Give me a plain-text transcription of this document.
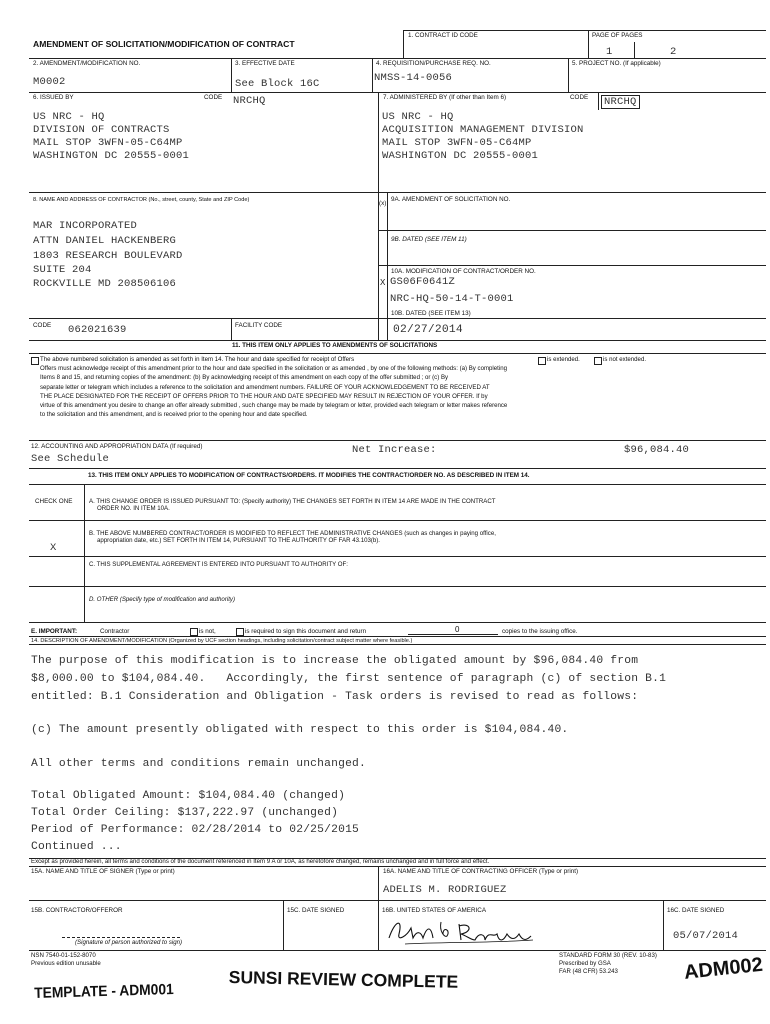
AMENDMENT OF SOLICITATION/MODIFICATION OF CONTRACT
1. CONTRACT ID CODE	PAGE OF PAGES
1	2
2. AMENDMENT/MODIFICATION NO.
M0002
3. EFFECTIVE DATE
See Block 16C
4. REQUISITION/PURCHASE REQ. NO.
NMSS-14-0056
5. PROJECT NO. (If applicable)
6. ISSUED BY	CODE NRCHQ
US NRC - HQ
DIVISION OF CONTRACTS
MAIL STOP 3WFN-05-C64MP
WASHINGTON DC 20555-0001
7. ADMINISTERED BY (If other than Item 6)	CODE NRCHQ
US NRC - HQ
ACQUISITION MANAGEMENT DIVISION
MAIL STOP 3WFN-05-C64MP
WASHINGTON DC 20555-0001
8. NAME AND ADDRESS OF CONTRACTOR (No., street, county, State and ZIP Code)
MAR INCORPORATED
ATTN DANIEL HACKENBERG
1803 RESEARCH BOULEVARD
SUITE 204
ROCKVILLE MD 208506106
CODE 062021639	FACILITY CODE
(x)
9A. AMENDMENT OF SOLICITATION NO.
9B. DATED (SEE ITEM 11)
X
10A. MODIFICATION OF CONTRACT/ORDER NO.
GS06F0641Z
NRC-HQ-50-14-T-0001
10B. DATED (SEE ITEM 13)
02/27/2014
11. THIS ITEM ONLY APPLIES TO AMENDMENTS OF SOLICITATIONS
The above numbered solicitation is amended as set forth in Item 14. The hour and date specified for receipt of Offers	is extended.	is not extended.
Offers must acknowledge receipt of this amendment prior to the hour and date specified in the solicitation or as amended , by one of the following methods: (a) By completing
Items 8 and 15, and returning copies of the amendment: (b) By acknowledging receipt of this amendment on each copy of the offer submitted ; or (c) By
separate letter or telegram which includes a reference to the solicitation and amendment numbers. FAILURE OF YOUR ACKNOWLEDGEMENT TO BE RECEIVED AT
THE PLACE DESIGNATED FOR THE RECEIPT OF OFFERS PRIOR TO THE HOUR AND DATE SPECIFIED MAY RESULT IN REJECTION OF YOUR OFFER. If by
virtue of this amendment you desire to change an offer already submitted , such change may be made by telegram or letter, provided each telegram or letter makes reference
to the solicitation and this amendment, and is received prior to the opening hour and date specified.
12. ACCOUNTING AND APPROPRIATION DATA (If required)
See Schedule
Net Increase:	$96,084.40
13. THIS ITEM ONLY APPLIES TO MODIFICATION OF CONTRACTS/ORDERS. IT MODIFIES THE CONTRACT/ORDER NO. AS DESCRIBED IN ITEM 14.
CHECK ONE	A. THIS CHANGE ORDER IS ISSUED PURSUANT TO: (Specify authority) THE CHANGES SET FORTH IN ITEM 14 ARE MADE IN THE CONTRACT
ORDER NO. IN ITEM 10A.
X
B. THE ABOVE NUMBERED CONTRACT/ORDER IS MODIFIED TO REFLECT THE ADMINISTRATIVE CHANGES (such as changes in paying office,
appropriation date, etc.) SET FORTH IN ITEM 14, PURSUANT TO THE AUTHORITY OF FAR 43.103(b).
C. THIS SUPPLEMENTAL AGREEMENT IS ENTERED INTO PURSUANT TO AUTHORITY OF:
D. OTHER (Specify type of modification and authority)
E. IMPORTANT:	Contractor	is not,	is required to sign this document and return	0	copies to the issuing office.
14. DESCRIPTION OF AMENDMENT/MODIFICATION (Organized by UCF section headings, including solicitation/contract subject matter where feasible.)
The purpose of this modification is to increase the obligated amount by $96,084.40 from
$8,000.00 to $104,084.40.   Accordingly, the first sentence of paragraph (c) of section B.1
entitled: B.1 Consideration and Obligation - Task orders is revised to read as follows:
(c) The amount presently obligated with respect to this order is $104,084.40.
All other terms and conditions remain unchanged.
Total Obligated Amount: $104,084.40 (changed)
Total Order Ceiling: $137,222.97 (unchanged)
Period of Performance: 02/28/2014 to 02/25/2015
Continued ...
Except as provided herein, all terms and conditions of the document referenced in Item 9 A or 10A, as heretofore changed, remains unchanged and in full force and effect.
15A. NAME AND TITLE OF SIGNER (Type or print)	16A. NAME AND TITLE OF CONTRACTING OFFICER (Type or print)
ADELIS M. RODRIGUEZ
15B. CONTRACTOR/OFFEROR	15C. DATE SIGNED
(Signature of person authorized to sign)
16B. UNITED STATES OF AMERICA	16C. DATE SIGNED
05/07/2014
NSN 7540-01-152-8070
Previous edition unusable
STANDARD FORM 30 (REV. 10-83)
Prescribed by GSA
FAR (48 CFR) 53.243
TEMPLATE - ADM001	SUNSI REVIEW COMPLETE	ADM002
